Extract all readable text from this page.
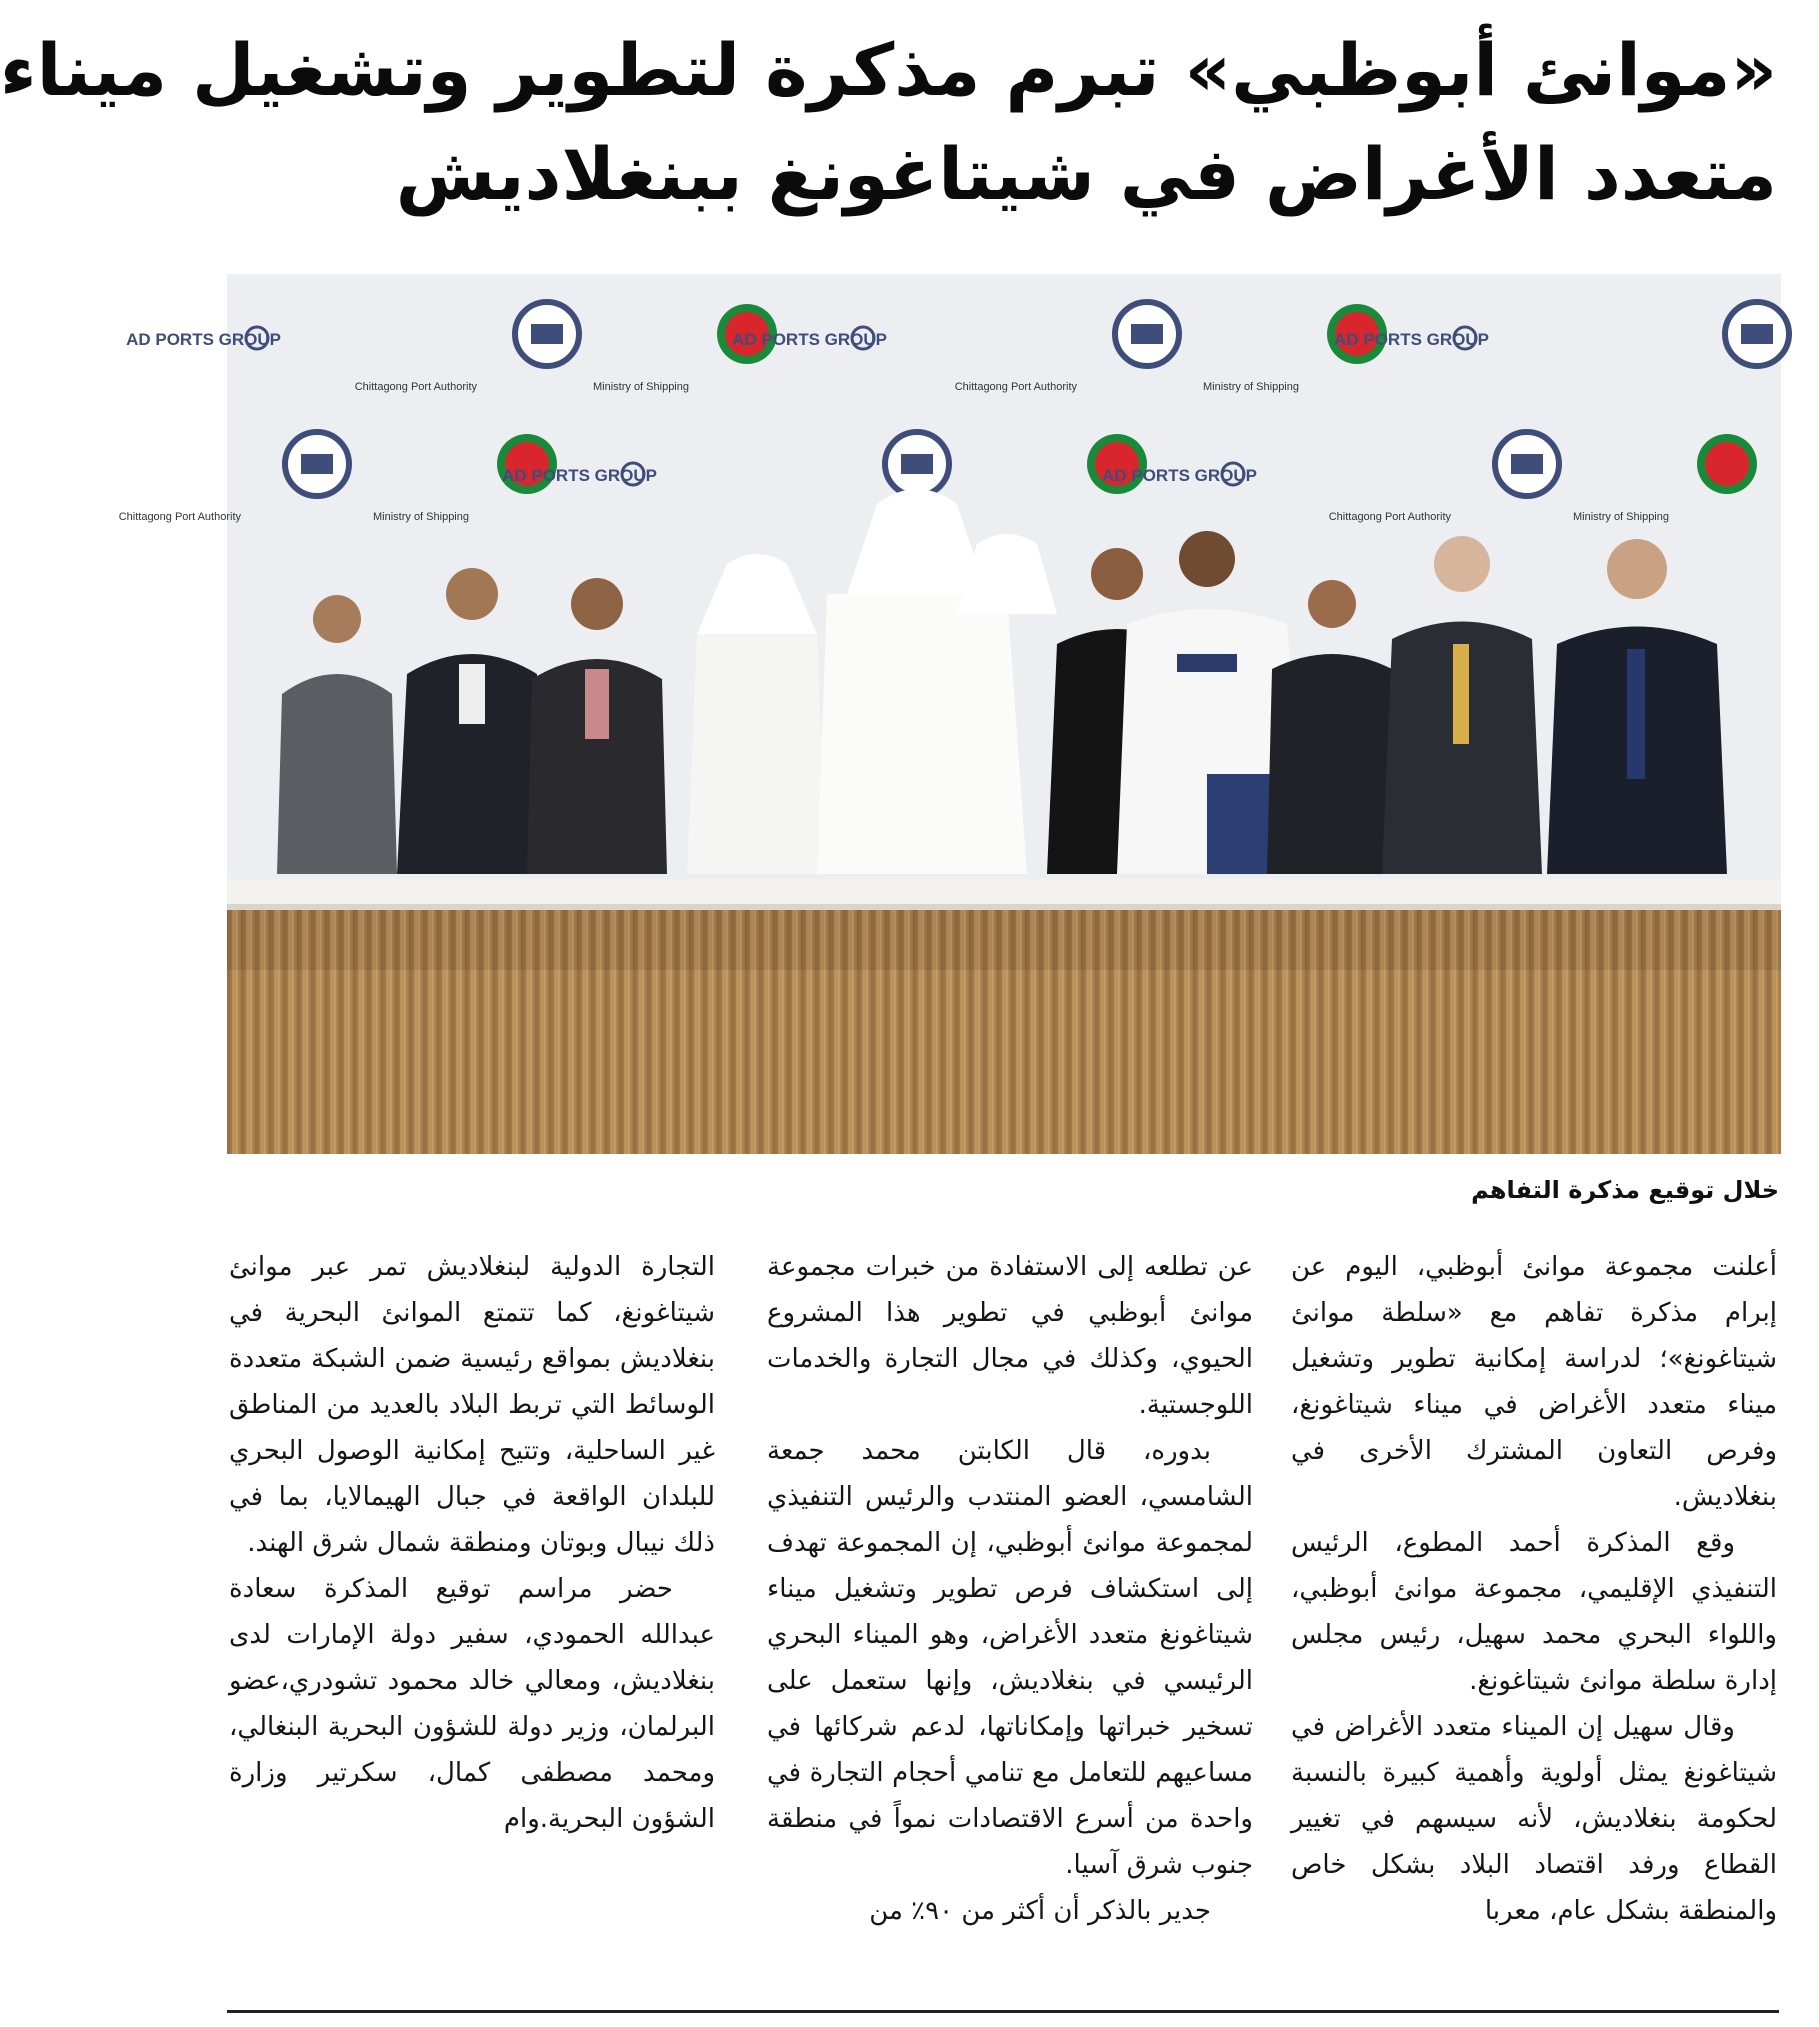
«موانئ أبوظبي» تبرم مذكرة لتطوير وتشغيل ميناء
متعدد الأغراض في شيتاغونغ ببنغلاديش
AD PORTS GROUP
Chittagong Port Authority	Ministry of Shipping
AD PORTS GROUP
Chittagong Port Authority	Ministry of Shipping
AD PORTS GROUP
Chittagong Port Authority	Ministry of Shipping
AD PORTS GROUP	AD PORTS GROUP
Chittagong Port Authority	Ministry of Shipping
خلال توقيع مذكرة التفاهم

أعلنت مجموعة موانئ أبوظبي، اليوم عن إبرام مذكرة تفاهم مع «سلطة موانئ شيتاغونغ»؛ لدراسة إمكانية تطوير وتشغيل ميناء متعدد الأغراض في ميناء شيتاغونغ، وفرص التعاون المشترك الأخرى في بنغلاديش.

وقع المذكرة أحمد المطوع، الرئيس التنفيذي الإقليمي، مجموعة موانئ أبوظبي، واللواء البحري محمد سهيل، رئيس مجلس إدارة سلطة موانئ شيتاغونغ.

وقال سهيل إن الميناء متعدد الأغراض في شيتاغونغ يمثل أولوية وأهمية كبيرة بالنسبة لحكومة بنغلاديش، لأنه سيسهم في تغيير القطاع ورفد اقتصاد البلاد بشكل خاص والمنطقة بشكل عام، معربا

عن تطلعه إلى الاستفادة من خبرات مجموعة موانئ أبوظبي في تطوير هذا المشروع الحيوي، وكذلك في مجال التجارة والخدمات اللوجستية.

بدوره، قال الكابتن محمد جمعة الشامسي، العضو المنتدب والرئيس التنفيذي لمجموعة موانئ أبوظبي، إن المجموعة تهدف إلى استكشاف فرص تطوير وتشغيل ميناء شيتاغونغ متعدد الأغراض، وهو الميناء البحري الرئيسي في بنغلاديش، وإنها ستعمل على تسخير خبراتها وإمكاناتها، لدعم شركائها في مساعيهم للتعامل مع تنامي أحجام التجارة في واحدة من أسرع الاقتصادات نمواً في منطقة جنوب شرق آسيا.

جدير بالذكر أن أكثر من ٩٠٪ من

التجارة الدولية لبنغلاديش تمر عبر موانئ شيتاغونغ، كما تتمتع الموانئ البحرية في بنغلاديش بمواقع رئيسية ضمن الشبكة متعددة الوسائط التي تربط البلاد بالعديد من المناطق غير الساحلية، وتتيح إمكانية الوصول البحري للبلدان الواقعة في جبال الهيمالايا، بما في ذلك نيبال وبوتان ومنطقة شمال شرق الهند.

حضر مراسم توقيع المذكرة سعادة عبدالله الحمودي، سفير دولة الإمارات لدى بنغلاديش، ومعالي خالد محمود تشودري،عضو البرلمان، وزير دولة للشؤون البحرية البنغالي، ومحمد مصطفى كمال، سكرتير وزارة الشؤون البحرية.وام
